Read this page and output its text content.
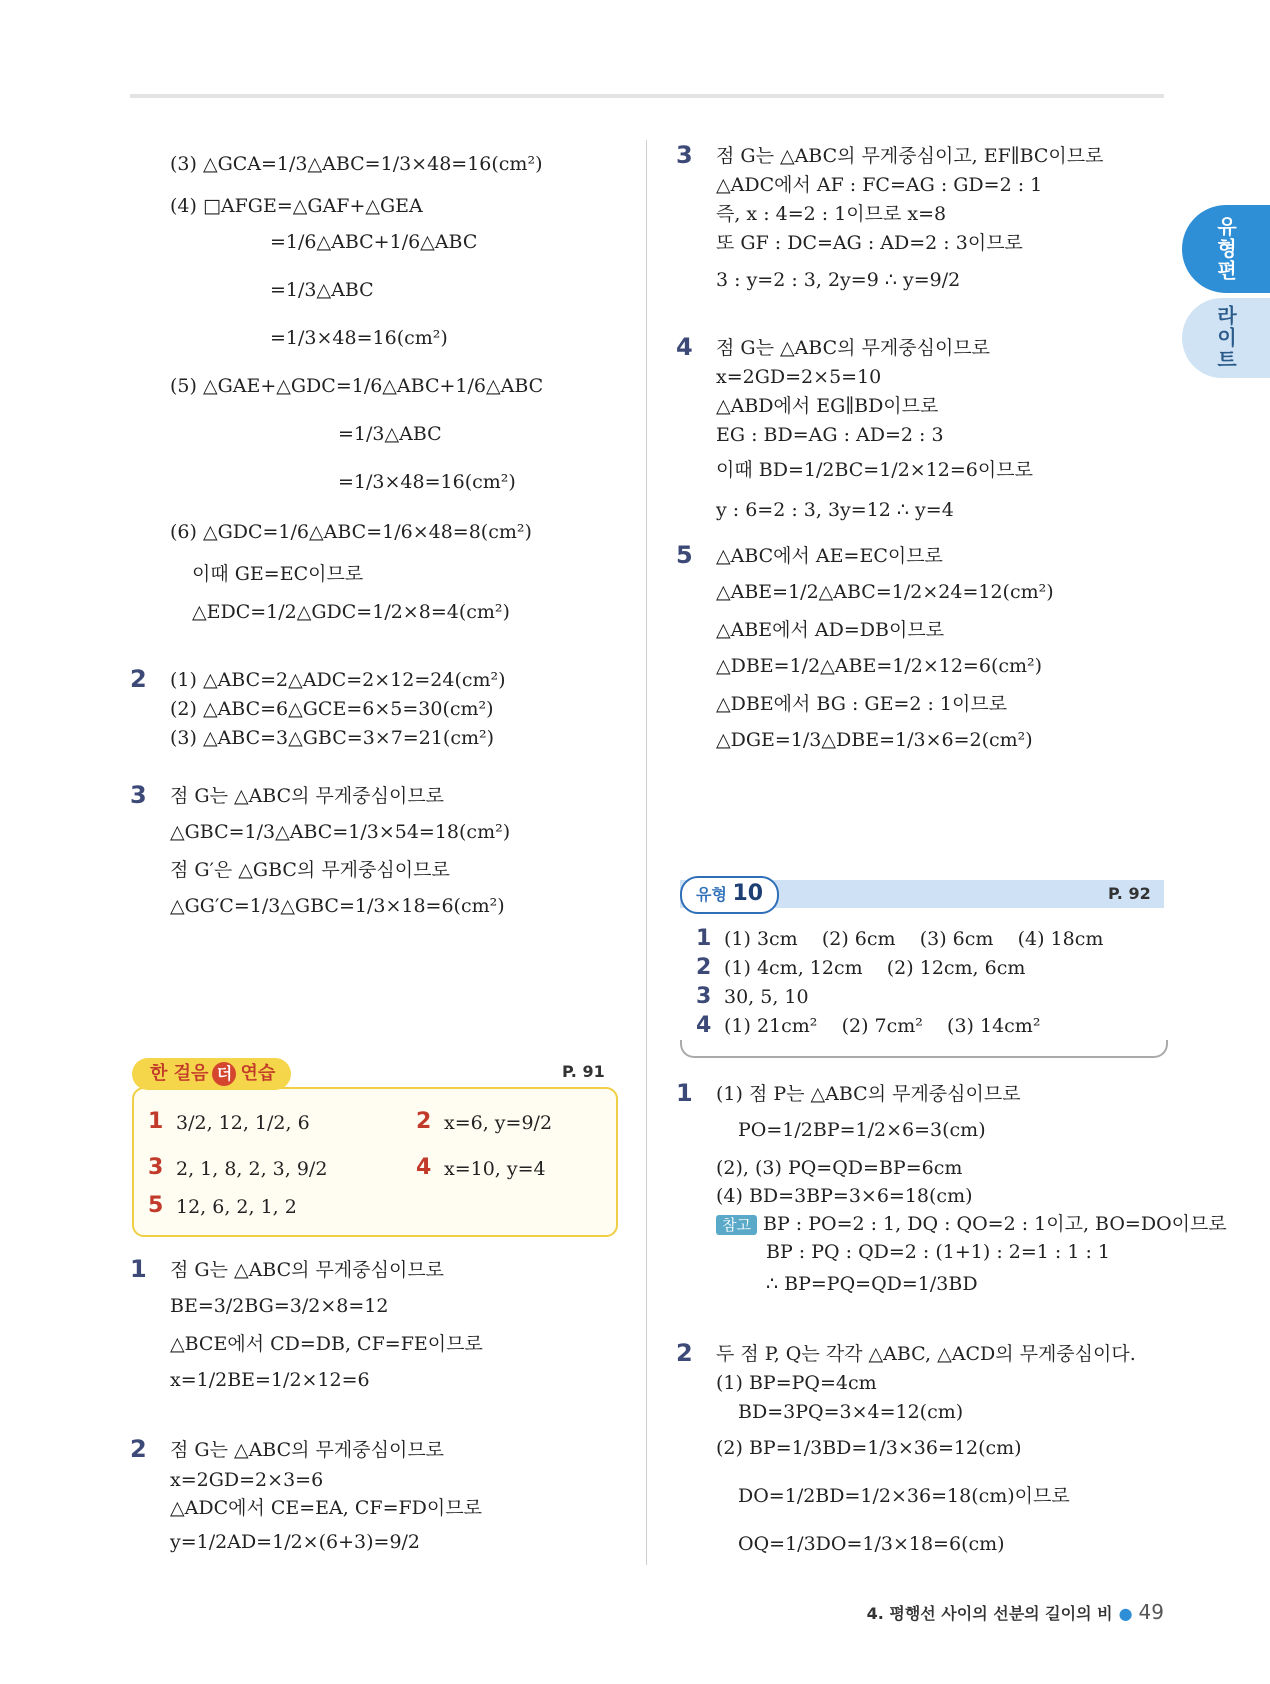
유형편
라이트
(3) △GCA=1/3△ABC=1/3×48=16(cm²)
(4) □AFGE=△GAF+△GEA
=1/6△ABC+1/6△ABC
=1/3△ABC
=1/3×48=16(cm²)
(5) △GAE+△GDC=1/6△ABC+1/6△ABC
=1/3△ABC
=1/3×48=16(cm²)
(6) △GDC=1/6△ABC=1/6×48=8(cm²)
이때 GE=EC이므로
△EDC=1/2△GDC=1/2×8=4(cm²)
2 (1) △ABC=2△ADC=2×12=24(cm²)
(2) △ABC=6△GCE=6×5=30(cm²)
(3) △ABC=3△GBC=3×7=21(cm²)
3 점 G는 △ABC의 무게중심이므로
△GBC=1/3△ABC=1/3×54=18(cm²)
점 G′은 △GBC의 무게중심이므로
△GG′C=1/3△GBC=1/3×18=6(cm²)
1 점 G는 △ABC의 무게중심이므로
BE=3/2BG=3/2×8=12
△BCE에서 CD=DB, CF=FE이므로
x=1/2BE=1/2×12=6
2 점 G는 △ABC의 무게중심이므로
x=2GD=2×3=6
△ADC에서 CE=EA, CF=FD이므로
y=1/2AD=1/2×(6+3)=9/2
3 점 G는 △ABC의 무게중심이고, EF∥BC이므로
△ADC에서 AF : FC=AG : GD=2 : 1
즉, x : 4=2 : 1이므로 x=8
또 GF : DC=AG : AD=2 : 3이므로
3 : y=2 : 3, 2y=9 ∴ y=9/2
4 점 G는 △ABC의 무게중심이므로
x=2GD=2×5=10
△ABD에서 EG∥BD이므로
EG : BD=AG : AD=2 : 3
이때 BD=1/2BC=1/2×12=6이므로
y : 6=2 : 3, 3y=12 ∴ y=4
5 △ABC에서 AE=EC이므로
△ABE=1/2△ABC=1/2×24=12(cm²)
△ABE에서 AD=DB이므로
△DBE=1/2△ABE=1/2×12=6(cm²)
△DBE에서 BG : GE=2 : 1이므로
△DGE=1/3△DBE=1/3×6=2(cm²)
1 (1) 점 P는 △ABC의 무게중심이므로
PO=1/2BP=1/2×6=3(cm)
(2), (3) PQ=QD=BP=6cm
(4) BD=3BP=3×6=18(cm)
참고 BP : PO=2 : 1, DQ : QO=2 : 1이고, BO=DO이므로
BP : PQ : QD=2 : (1+1) : 2=1 : 1 : 1
∴ BP=PQ=QD=1/3BD
2 두 점 P, Q는 각각 △ABC, △ACD의 무게중심이다.
(1) BP=PQ=4cm
BD=3PQ=3×4=12(cm)
(2) BP=1/3BD=1/3×36=12(cm)
DO=1/2BD=1/2×36=18(cm)이므로
OQ=1/3DO=1/3×18=6(cm)
1 3/2, 12, 1/2, 6	2 x=6, y=9/2
3 2, 1, 8, 2, 3, 9/2	4 x=10, y=4
5 12, 6, 2, 1, 2
한 걸음 더 연습	P. 91
유형 10	P. 92
1 (1) 3cm    (2) 6cm    (3) 6cm    (4) 18cm
2 (1) 4cm, 12cm    (2) 12cm, 6cm
3 30, 5, 10
4 (1) 21cm²    (2) 7cm²    (3) 14cm²
4. 평행선 사이의 선분의 길이의 비 ● 49
